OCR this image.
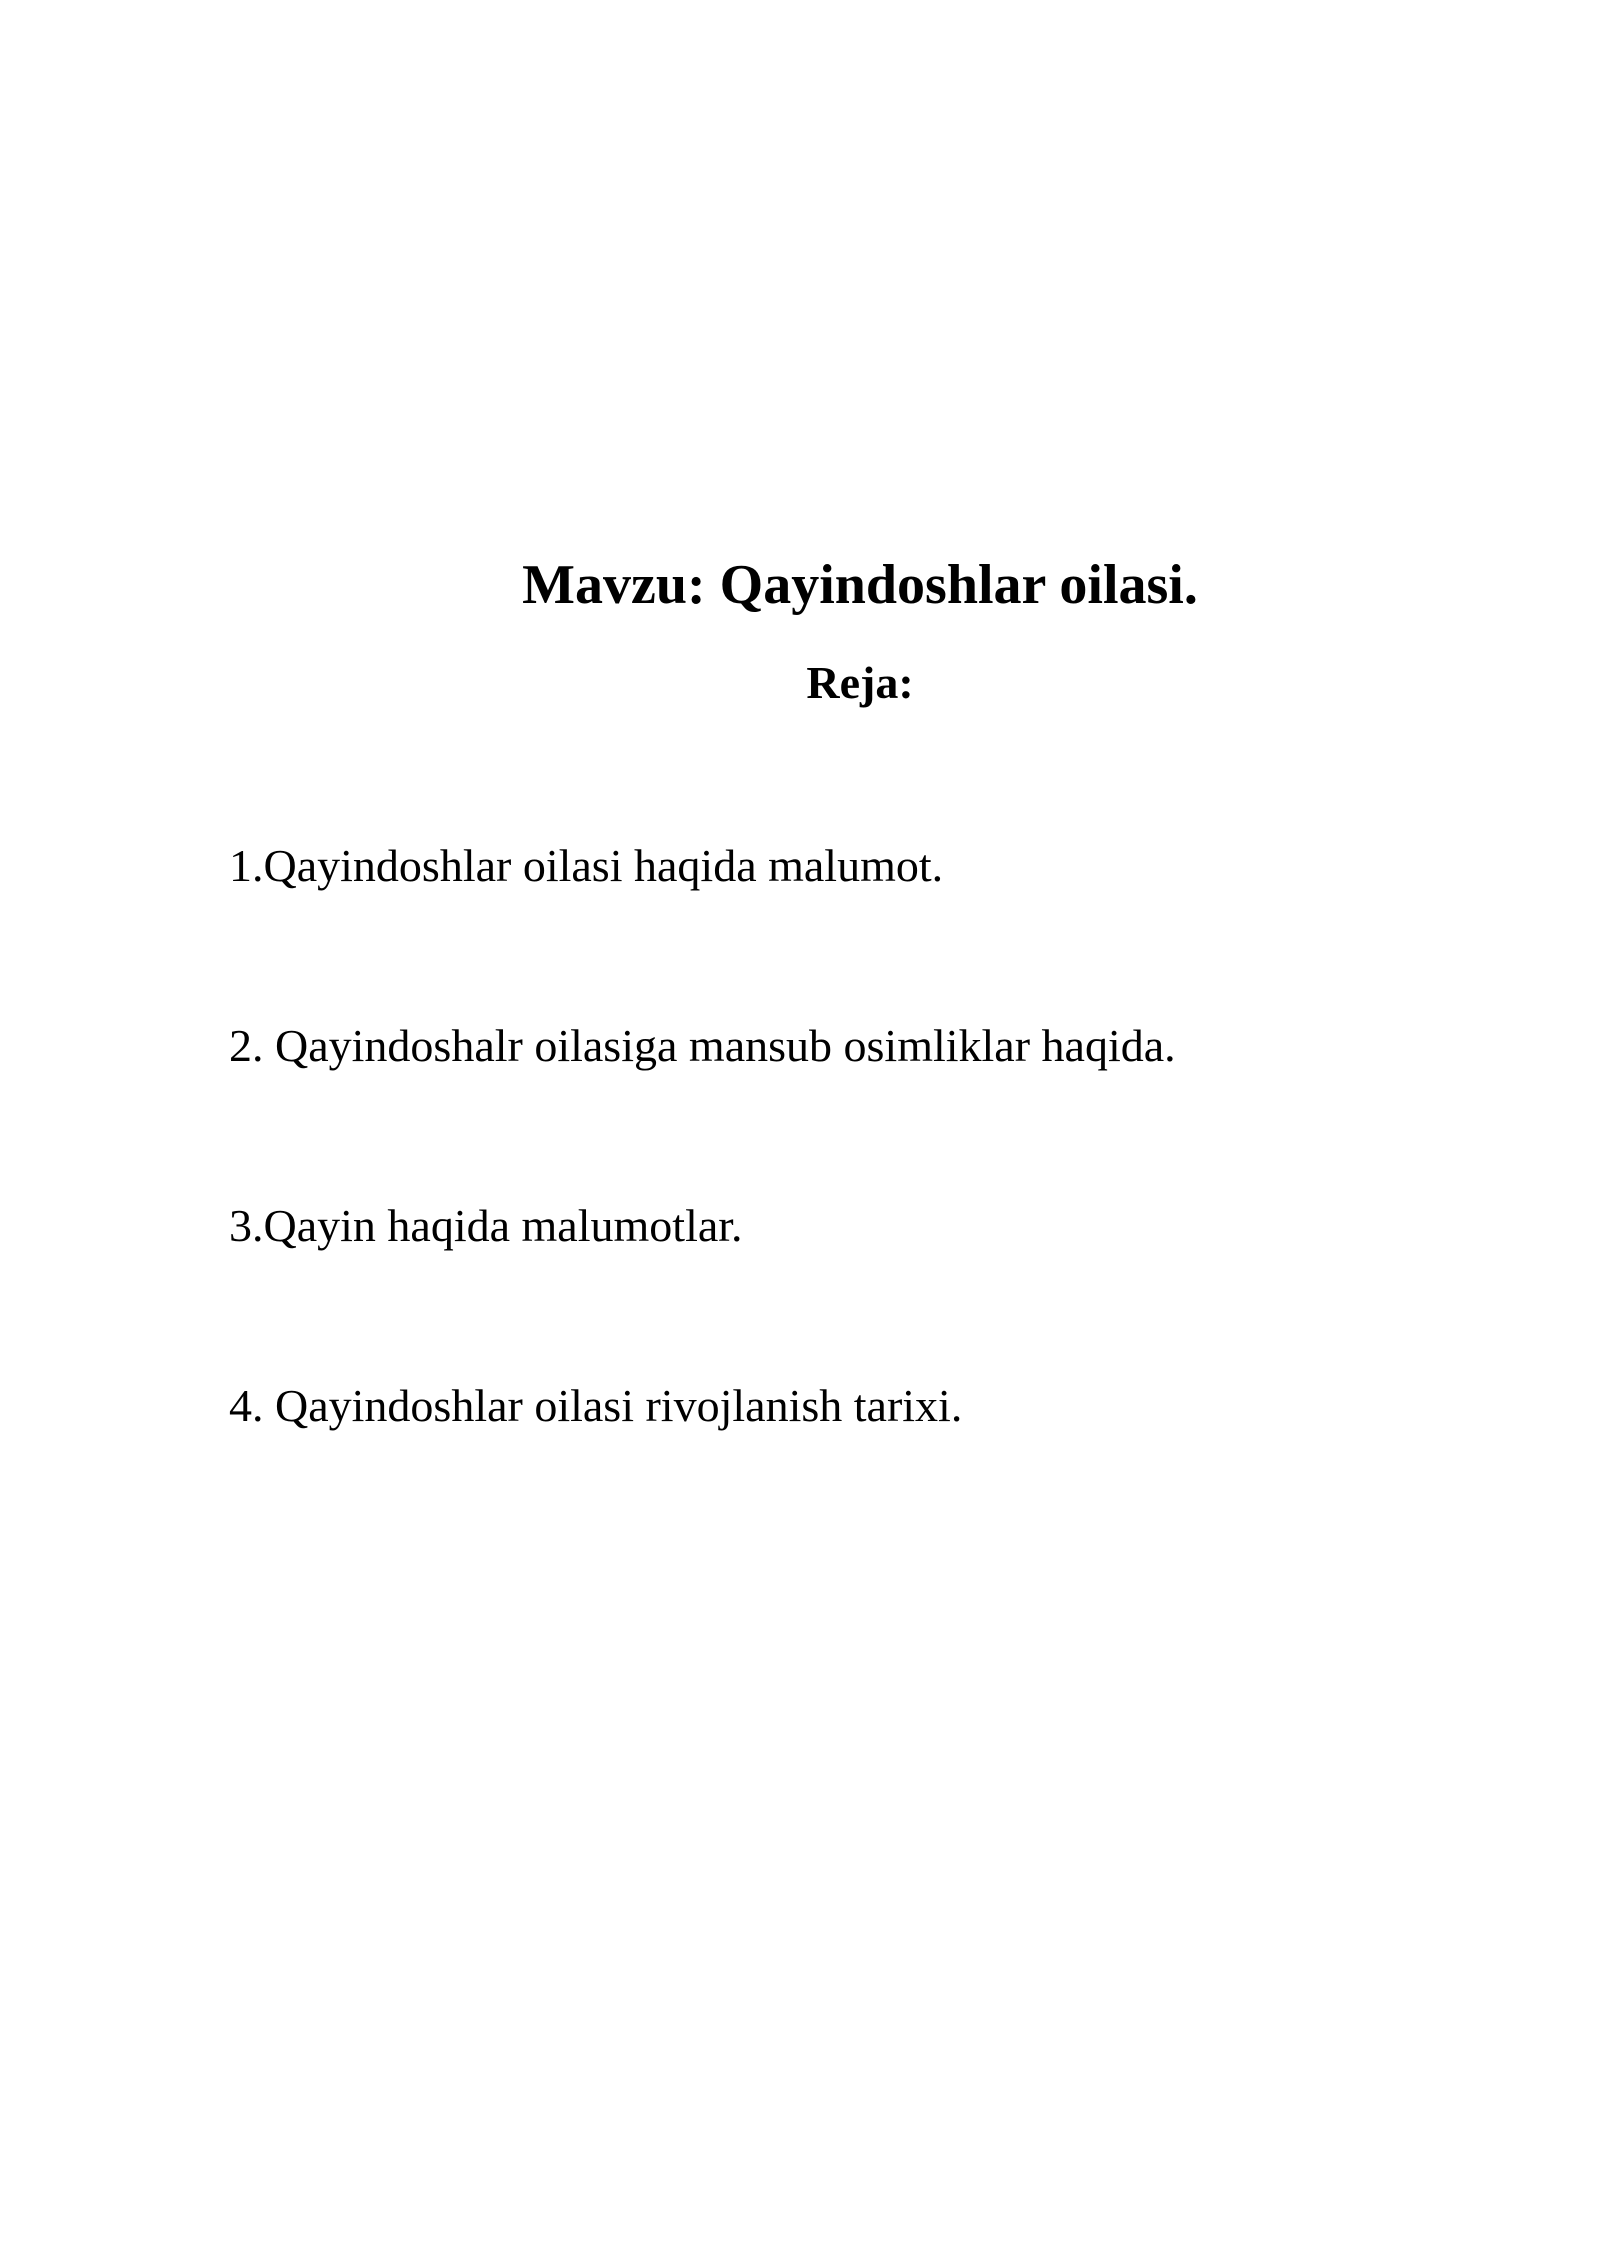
Mavzu: Qayindoshlar oilasi.
Reja:
1.Qayindoshlar oilasi haqida malumot.
2. Qayindoshalr oilasiga mansub osimliklar haqida.
3.Qayin haqida malumotlar.
4. Qayindoshlar oilasi rivojlanish tarixi.
